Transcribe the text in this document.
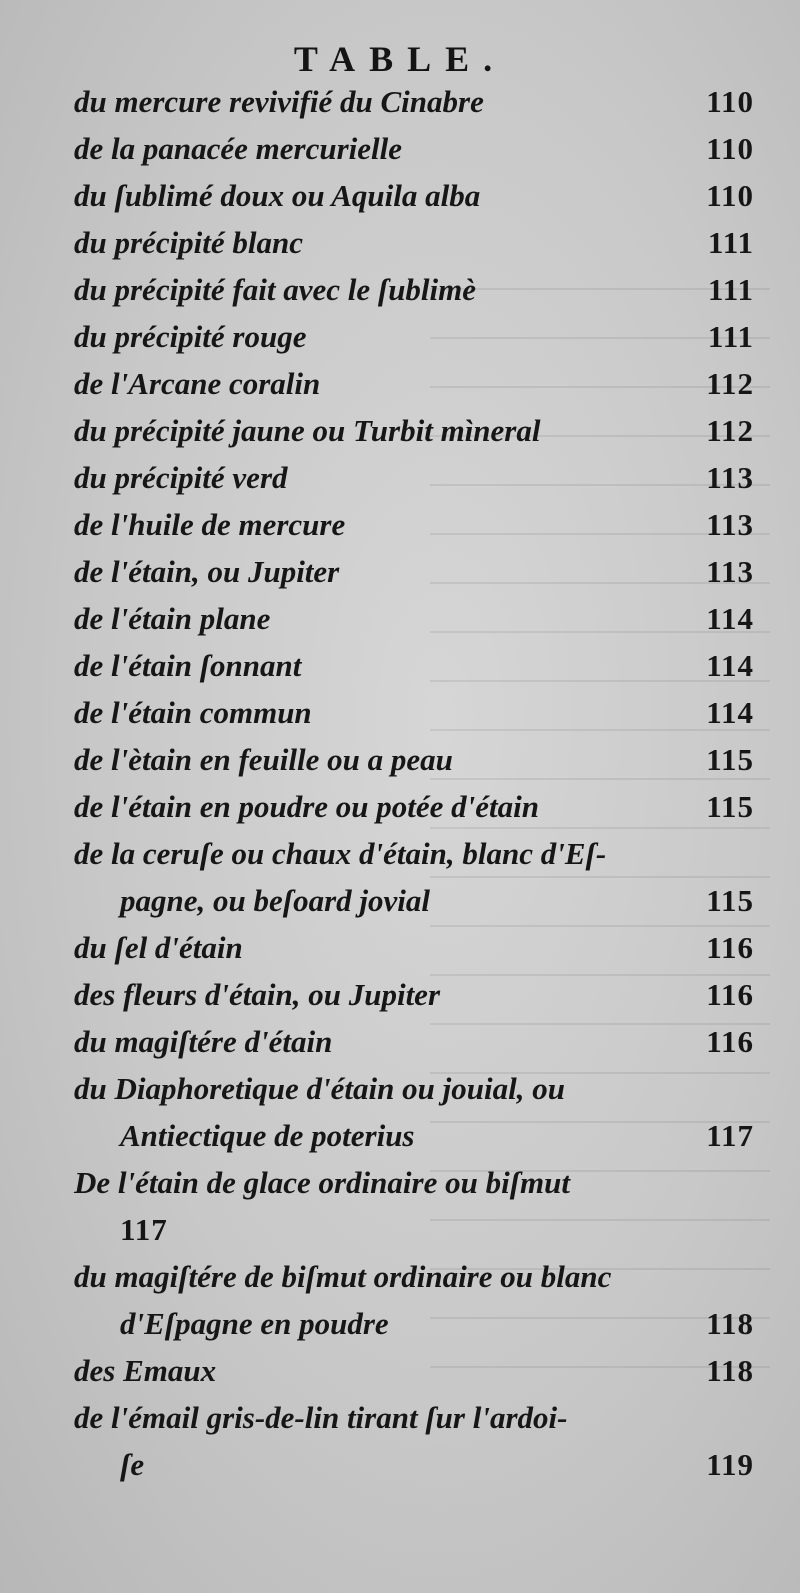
TABLE.
du mercure revivifié du Cinabre	110
de la panacée mercurielle	110
du ſublimé doux ou Aquila alba	110
du précipité blanc	111
du précipité fait avec le ſublimè	111
du précipité rouge	111
de l'Arcane coralin	112
du précipité jaune ou Turbit mìneral	112
du précipité verd	113
de l'huile de mercure	113
de l'étain, ou Jupiter	113
de l'étain plane	114
de l'étain ſonnant	114
de l'étain commun	114
de l'ètain en feuille ou a peau	115
de l'étain en poudre ou potée d'étain	115
de la ceruſe ou chaux d'étain, blanc d'Eſ-
pagne, ou beſoard jovial	115
du ſel d'étain	116
des fleurs d'étain, ou Jupiter	116
du magiſtére d'étain	116
du Diaphoretique d'étain ou jouial, ou
Antiectique de poterius	117
De l'étain de glace ordinaire ou biſmut
117
du magiſtére de biſmut ordinaire ou blanc
d'Eſpagne en poudre	118
des Emaux	118
de l'émail gris-de-lin tirant ſur l'ardoi-
ſe	119
